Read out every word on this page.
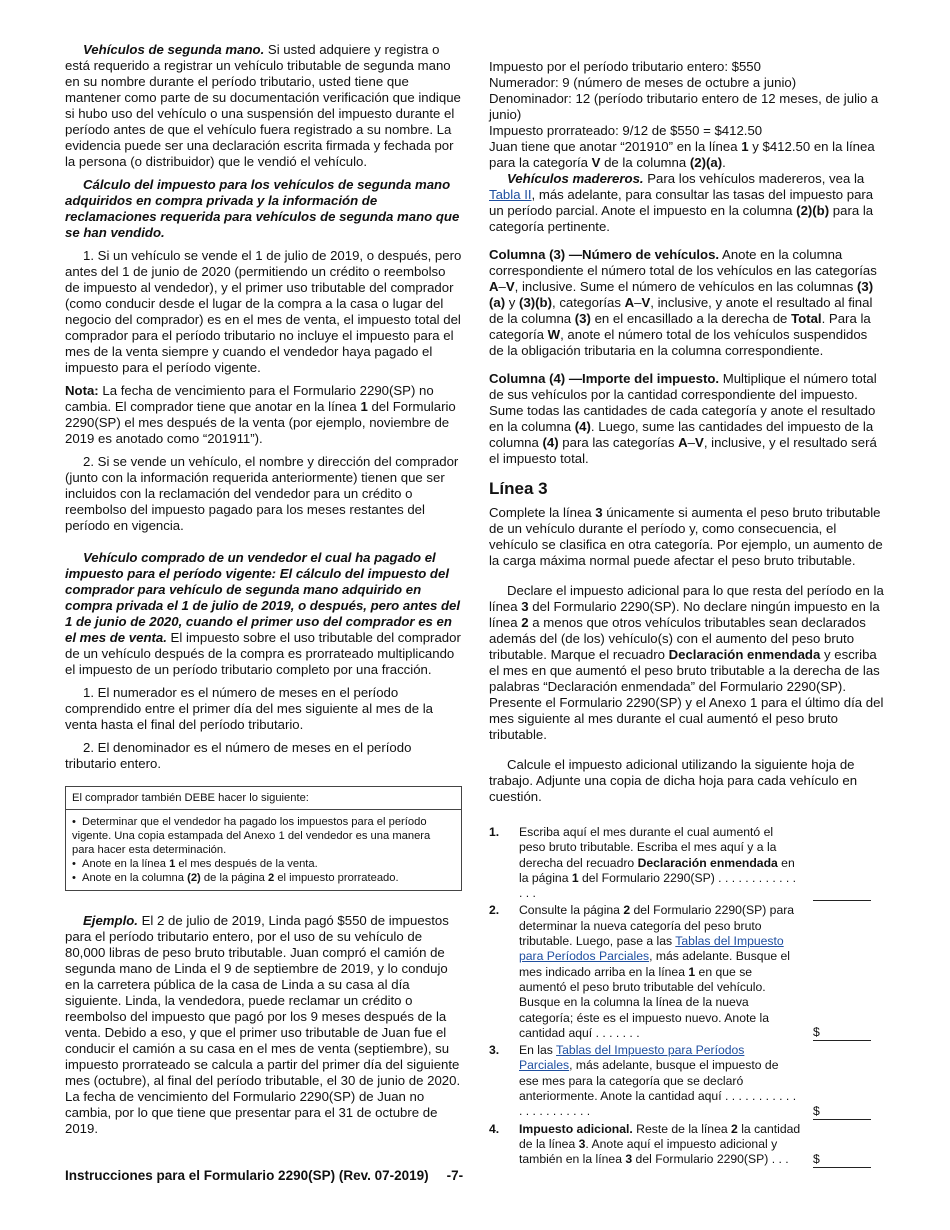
Vehículos de segunda mano. Si usted adquiere y registra o está requerido a registrar un vehículo tributable de segunda mano en su nombre durante el período tributario, usted tiene que mantener como parte de su documentación verificación que indique si hubo uso del vehículo o una suspensión del impuesto durante el período antes de que el vehículo fuera registrado a su nombre. La evidencia puede ser una declaración escrita firmada y fechada por la persona (o distribuidor) que le vendió el vehículo.

Cálculo del impuesto para los vehículos de segunda mano adquiridos en compra privada y la información de reclamaciones requerida para vehículos de segunda mano que se han vendido.

1. Si un vehículo se vende el 1 de julio de 2019, o después, pero antes del 1 de junio de 2020 (permitiendo un crédito o reembolso de impuesto al vendedor), y el primer uso tributable del comprador (como conducir desde el lugar de la compra a la casa o lugar del negocio del comprador) es en el mes de venta, el impuesto total del comprador para el período tributario no incluye el impuesto para el mes de la venta siempre y cuando el vendedor haya pagado el impuesto para el período vigente.

Nota: La fecha de vencimiento para el Formulario 2290(SP) no cambia. El comprador tiene que anotar en la línea 1 del Formulario 2290(SP) el mes después de la venta (por ejemplo, noviembre de 2019 es anotado como “201911”).

2. Si se vende un vehículo, el nombre y dirección del comprador (junto con la información requerida anteriormente) tienen que ser incluidos con la reclamación del vendedor para un crédito o reembolso del impuesto pagado para los meses restantes del período en vigencia.

Vehículo comprado de un vendedor el cual ha pagado el impuesto para el período vigente: El cálculo del impuesto del comprador para vehículo de segunda mano adquirido en compra privada el 1 de julio de 2019, o después, pero antes del 1 de junio de 2020, cuando el primer uso del comprador es en el mes de venta. El impuesto sobre el uso tributable del comprador de un vehículo después de la compra es prorrateado multiplicando el impuesto de un período tributario completo por una fracción.

1. El numerador es el número de meses en el período comprendido entre el primer día del mes siguiente al mes de la venta hasta el final del período tributario.

2. El denominador es el número de meses en el período tributario entero.

El comprador también DEBE hacer lo siguiente:
• Determinar que el vendedor ha pagado los impuestos para el período
vigente. Una copia estampada del Anexo 1 del vendedor es una manera
para hacer esta determinación.
• Anote en la línea 1 el mes después de la venta.
• Anote en la columna (2) de la página 2 el impuesto prorrateado.

Ejemplo. El 2 de julio de 2019, Linda pagó $550 de impuestos para el período tributario entero, por el uso de su vehículo de 80,000 libras de peso bruto tributable. Juan compró el camión de segunda mano de Linda el 9 de septiembre de 2019, y lo condujo en la carretera pública de la casa de Linda a su casa al día siguiente. Linda, la vendedora, puede reclamar un crédito o reembolso del impuesto que pagó por los 9 meses después de la venta. Debido a eso, y que el primer uso tributable de Juan fue el conducir el camión a su casa en el mes de venta (septiembre), su impuesto prorrateado se calcula a partir del primer día del siguiente mes (octubre), al final del período tributable, el 30 de junio de 2020. La fecha de vencimiento del Formulario 2290(SP) de Juan no cambia, por lo que tiene que presentar para el 31 de octubre de 2019.

Impuesto por el período tributario entero: $550

Numerador: 9 (número de meses de octubre a junio)

Denominador: 12 (período tributario entero de 12 meses, de julio a junio)

Impuesto prorrateado: 9/12 de $550 = $412.50

Juan tiene que anotar “201910” en la línea 1 y $412.50 en la línea para la categoría V de la columna (2)(a).

Vehículos madereros. Para los vehículos madereros, vea la Tabla II, más adelante, para consultar las tasas del impuesto para un período parcial. Anote el impuesto en la columna (2)(b) para la categoría pertinente.

Columna (3) —Número de vehículos. Anote en la columna correspondiente el número total de los vehículos en las categorías A–V, inclusive. Sume el número de vehículos en las columnas (3)(a) y (3)(b), categorías A–V, inclusive, y anote el resultado al final de la columna (3) en el encasillado a la derecha de Total. Para la categoría W, anote el número total de los vehículos suspendidos de la obligación tributaria en la columna correspondiente.

Columna (4) —Importe del impuesto. Multiplique el número total de sus vehículos por la cantidad correspondiente del impuesto. Sume todas las cantidades de cada categoría y anote el resultado en la columna (4). Luego, sume las cantidades del impuesto de la columna (4) para las categorías A–V, inclusive, y el resultado será el impuesto total.

Línea 3

Complete la línea 3 únicamente si aumenta el peso bruto tributable de un vehículo durante el período y, como consecuencia, el vehículo se clasifica en otra categoría. Por ejemplo, un aumento de la carga máxima normal puede afectar el peso bruto tributable.

Declare el impuesto adicional para lo que resta del período en la línea 3 del Formulario 2290(SP). No declare ningún impuesto en la línea 2 a menos que otros vehículos tributables sean declarados además del (de los) vehículo(s) con el aumento del peso bruto tributable. Marque el recuadro Declaración enmendada y escriba el mes en que aumentó el peso bruto tributable a la derecha de las palabras “Declaración enmendada” del Formulario 2290(SP). Presente el Formulario 2290(SP) y el Anexo 1 para el último día del mes siguiente al mes durante el cual aumentó el peso bruto tributable.

Calcule el impuesto adicional utilizando la siguiente hoja de trabajo. Adjunte una copia de dicha hoja para cada vehículo en cuestión.

1.	Escriba aquí el mes durante el cual aumentó el peso bruto tributable. Escriba el mes aquí y a la derecha del recuadro Declaración enmendada en la página 1 del Formulario 2290(SP) . . . . . . . . . . . . . . .
2.	Consulte la página 2 del Formulario 2290(SP) para determinar la nueva categoría del peso bruto tributable. Luego, pase a las Tablas del Impuesto para Períodos Parciales, más adelante. Busque el mes indicado arriba en la línea 1 en que se aumentó el peso bruto tributable del vehículo. Busque en la columna la línea de la nueva categoría; éste es el impuesto nuevo. Anote la cantidad aquí . . . . . . .	$
3.	En las Tablas del Impuesto para Períodos Parciales, más adelante, busque el impuesto de ese mes para la categoría que se declaró anteriormente. Anote la cantidad aquí . . . . . . . . . . . . . . . . . . . . . .	$
4.	Impuesto adicional. Reste de la línea 2 la cantidad de la línea 3. Anote aquí el impuesto adicional y también en la línea 3 del Formulario 2290(SP) . . .	$
Instrucciones para el Formulario 2290(SP) (Rev. 07-2019) -7-
